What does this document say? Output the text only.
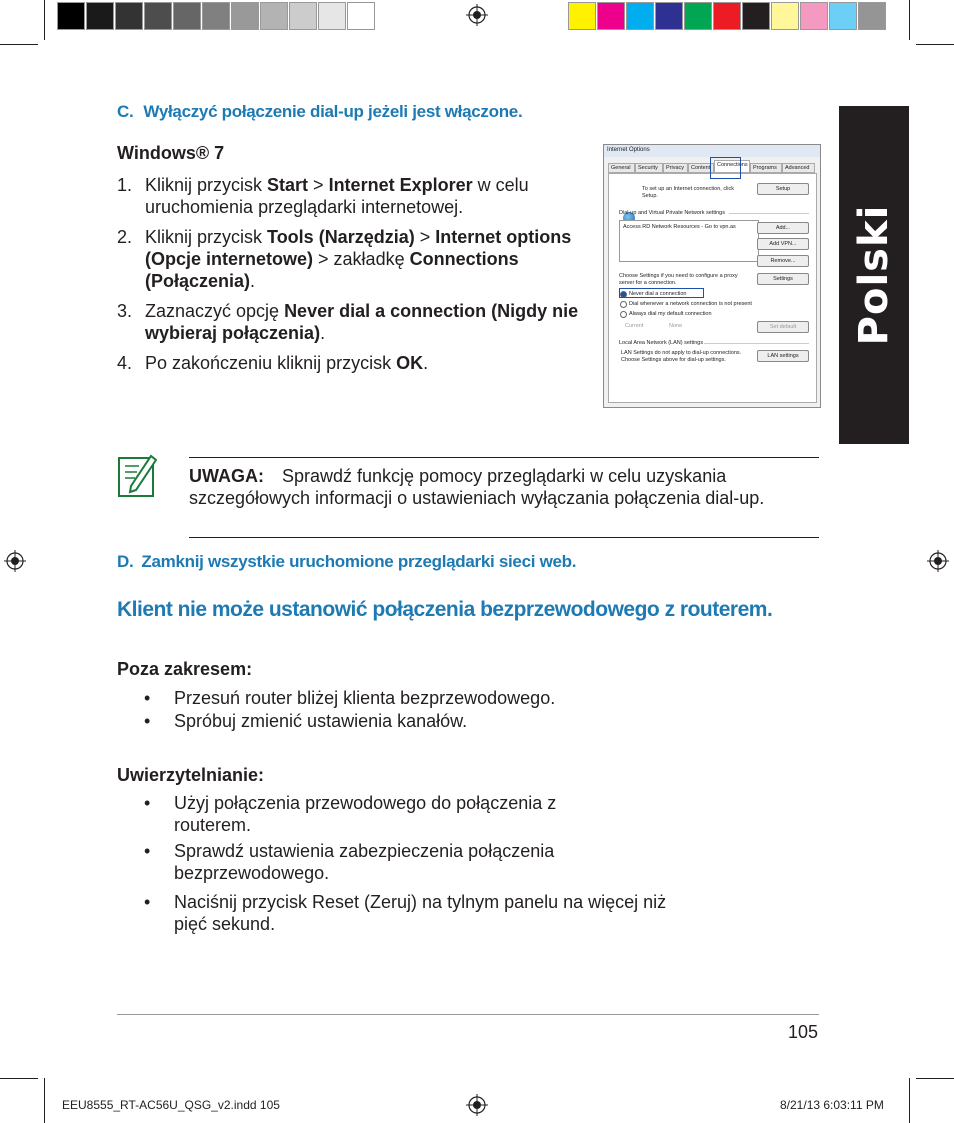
Polski
C. Wyłączyć połączenie dial-up jeżeli jest włączone.
Windows® 7
1. Kliknij przycisk Start > Internet Explorer w celu uruchomienia przeglądarki internetowej.
2. Kliknij przycisk Tools (Narzędzia) > Internet options (Opcje internetowe) > zakładkę Connections (Połączenia).
3. Zaznaczyć opcję Never dial a connection (Nigdy nie wybieraj połączenia).
4. Po zakończeniu kliknij przycisk OK.
Internet Options
General	Security	Privacy	Content	Connections Programs	Advanced
To set up an Internet connection, click
Setup.
Setup
Dial-up and Virtual Private Network settings
Access RD Network Resources - Go to vpn.as	Add...
Add VPN...
Remove...
Choose Settings if you need to configure a proxy
server for a connection.
Settings
Never dial a connection
Dial whenever a network connection is not present
Always dial my default connection
Current	None	Set default
Local Area Network (LAN) settings
LAN Settings do not apply to dial-up connections.
Choose Settings above for dial-up settings.
LAN settings
UWAGA: Sprawdź funkcję pomocy przeglądarki w celu uzyskania szczegółowych informacji o ustawieniach wyłączania połączenia dial-up.
D. Zamknij wszystkie uruchomione przeglądarki sieci web.
Klient nie może ustanowić połączenia bezprzewodowego z routerem.
Poza zakresem:
•	Przesuń router bliżej klienta bezprzewodowego.
•	Spróbuj zmienić ustawienia kanałów.
Uwierzytelnianie:
•	Użyj połączenia przewodowego do połączenia z routerem.
•	Sprawdź ustawienia zabezpieczenia połączenia bezprzewodowego.
•	Naciśnij przycisk Reset (Zeruj) na tylnym panelu na więcej niż pięć sekund.
105
EEU8555_RT-AC56U_QSG_v2.indd 105	8/21/13 6:03:11 PM
